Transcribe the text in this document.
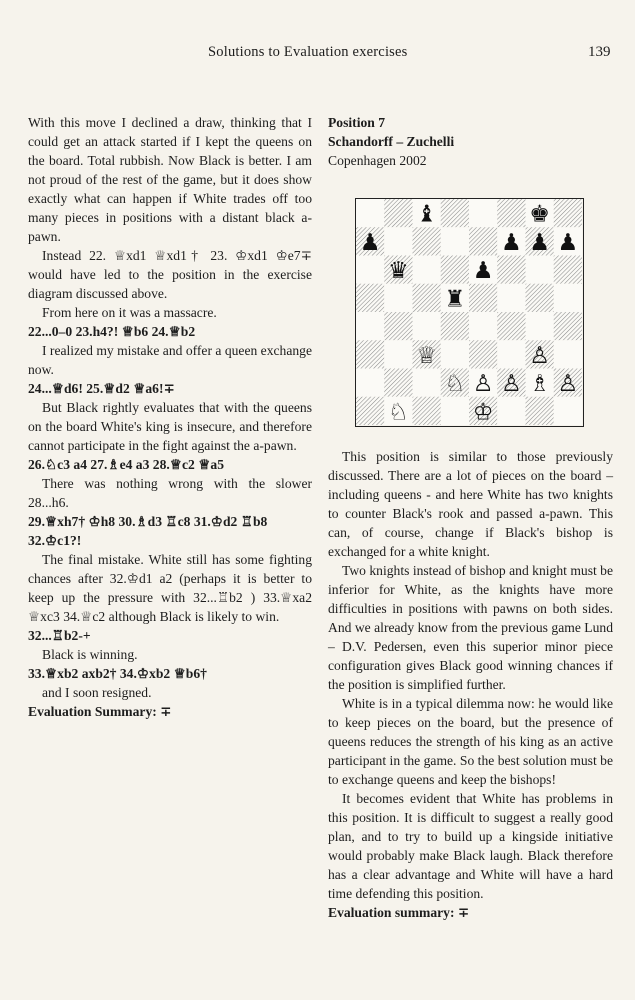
Solutions to Evaluation exercises	139

With this move I declined a draw, thinking that I could get an attack started if I kept the queens on the board. Total rubbish. Now Black is better. I am not proud of the rest of the game, but it does show exactly what can happen if White trades off too many pieces in positions with a distant black a-pawn.

Instead 22. ♕xd1 ♕xd1† 23. ♔xd1 ♔e7∓ would have led to the position in the exercise diagram discussed above.

From here on it was a massacre.

22...0–0 23.h4?! ♕b6 24.♕b2

I realized my mistake and offer a queen exchange now.

24...♕d6! 25.♕d2 ♕a6!∓

But Black rightly evaluates that with the queens on the board White's king is insecure, and therefore cannot participate in the fight against the a-pawn.

26.♘c3 a4 27.♗e4 a3 28.♕c2 ♕a5

There was nothing wrong with the slower 28...h6.

29.♕xh7† ♔h8 30.♗d3 ♖c8 31.♔d2 ♖b8 32.♔c1?!

The final mistake. White still has some fighting chances after 32.♔d1 a2 (perhaps it is better to keep up the pressure with 32...♖b2 ) 33.♕xa2 ♕xc3 34.♕c2 although Black is likely to win.

32...♖b2-+

Black is winning.

33.♕xb2 axb2† 34.♔xb2 ♕b6†

and I soon resigned.

Evaluation Summary: ∓

Position 7
Schandorff – Zuchelli
Copenhagen 2002
♝	♚
♟	♟ ♟ ♟
♛	♟
♜
♕	♙
♘ ♙ ♙ ♗ ♙
♘	♔

This position is similar to those previously discussed. There are a lot of pieces on the board – including queens - and here White has two knights to counter Black's rook and passed a-pawn. This can, of course, change if Black's bishop is exchanged for a white knight.

Two knights instead of bishop and knight must be inferior for White, as the knights have more difficulties in positions with pawns on both sides. And we already know from the previous game Lund – D.V. Pedersen, even this superior minor piece configuration gives Black good winning chances if the position is simplified further.

White is in a typical dilemma now: he would like to keep pieces on the board, but the presence of queens reduces the strength of his king as an active participant in the game. So the best solution must be to exchange queens and keep the bishops!

It becomes evident that White has problems in this position. It is difficult to suggest a really good plan, and to try to build up a kingside initiative would probably make Black laugh. Black therefore has a clear advantage and White will have a hard time defending this position.

Evaluation summary: ∓
